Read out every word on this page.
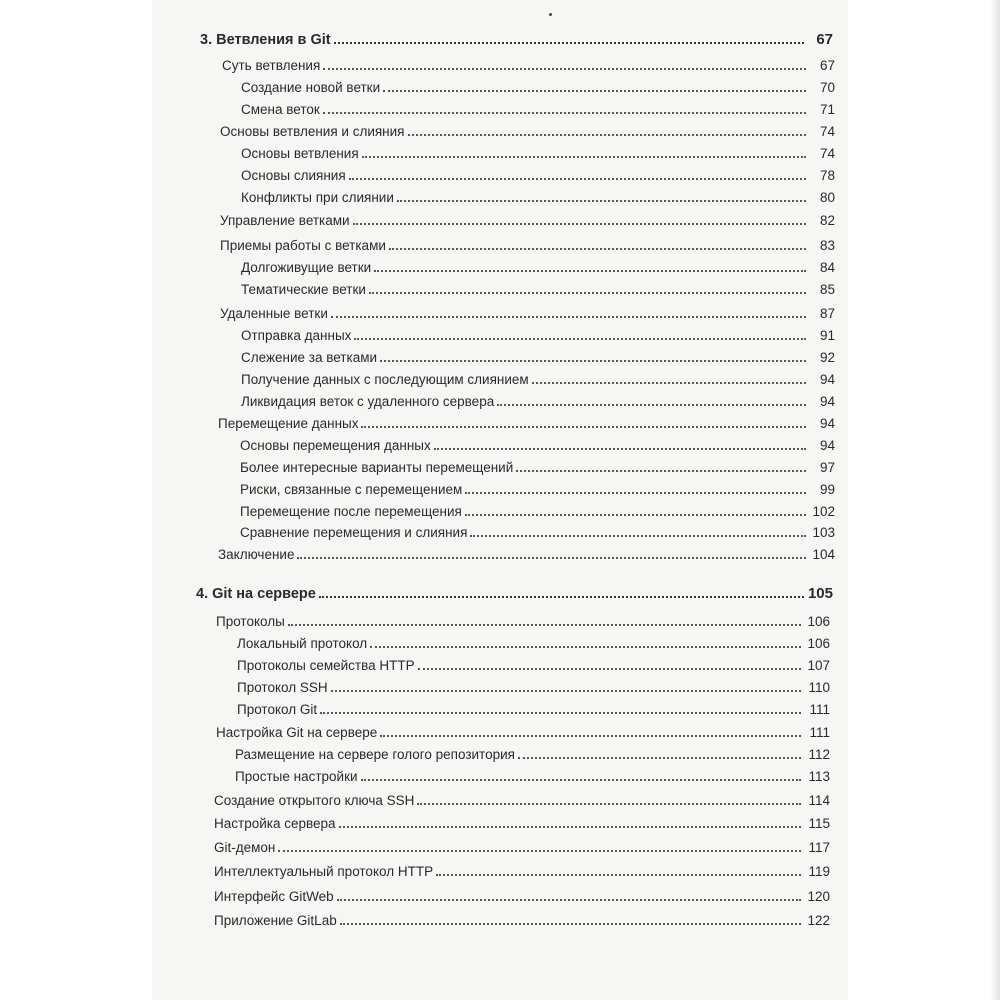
3. Ветвления в Git	67
Суть ветвления	67
Создание новой ветки	70
Смена веток	71
Основы ветвления и слияния	74
Основы ветвления	74
Основы слияния	78
Конфликты при слиянии	80
Управление ветками	82
Приемы работы с ветками	83
Долгоживущие ветки	84
Тематические ветки	85
Удаленные ветки	87
Отправка данных	91
Слежение за ветками	92
Получение данных с последующим слиянием	94
Ликвидация веток с удаленного сервера	94
Перемещение данных	94
Основы перемещения данных	94
Более интересные варианты перемещений	97
Риски, связанные с перемещением	99
Перемещение после перемещения	102
Сравнение перемещения и слияния	103
Заключение	104
4. Git на сервере	105
Протоколы	106
Локальный протокол	106
Протоколы семейства HTTP	107
Протокол SSH	110
Протокол Git	111
Настройка Git на сервере	111
Размещение на сервере голого репозитория	112
Простые настройки	113
Создание открытого ключа SSH	114
Настройка сервера	115
Git-демон	117
Интеллектуальный протокол HTTP	119
Интерфейс GitWeb	120
Приложение GitLab	122
